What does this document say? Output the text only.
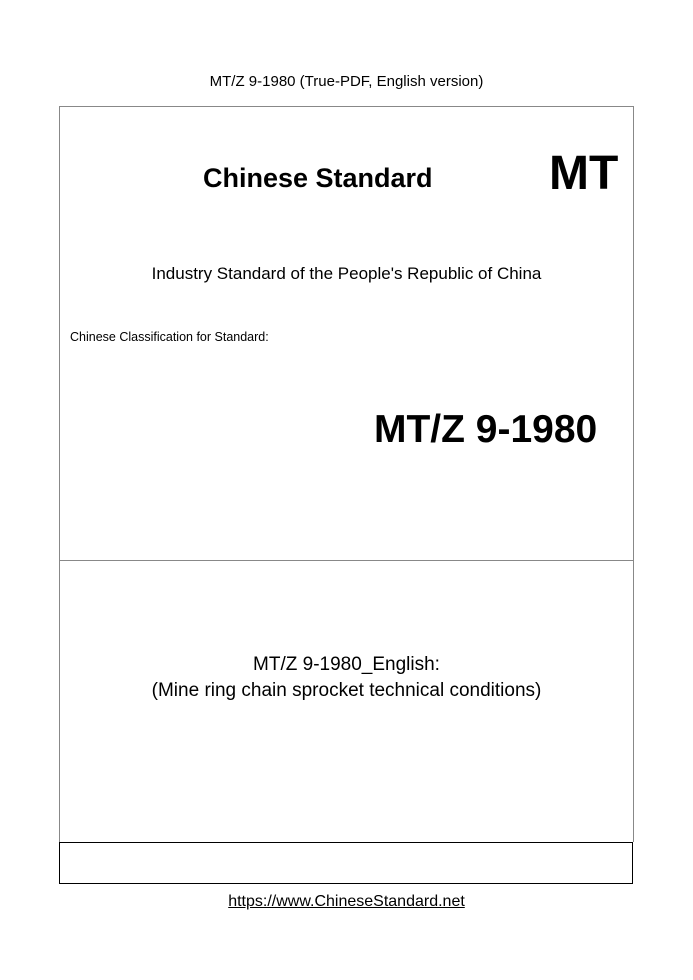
MT/Z 9-1980 (True-PDF, English version)
Chinese Standard MT
Industry Standard of the People's Republic of China
Chinese Classification for Standard:
MT/Z 9-1980
MT/Z 9-1980_English:
(Mine ring chain sprocket technical conditions)
https://www.ChineseStandard.net
